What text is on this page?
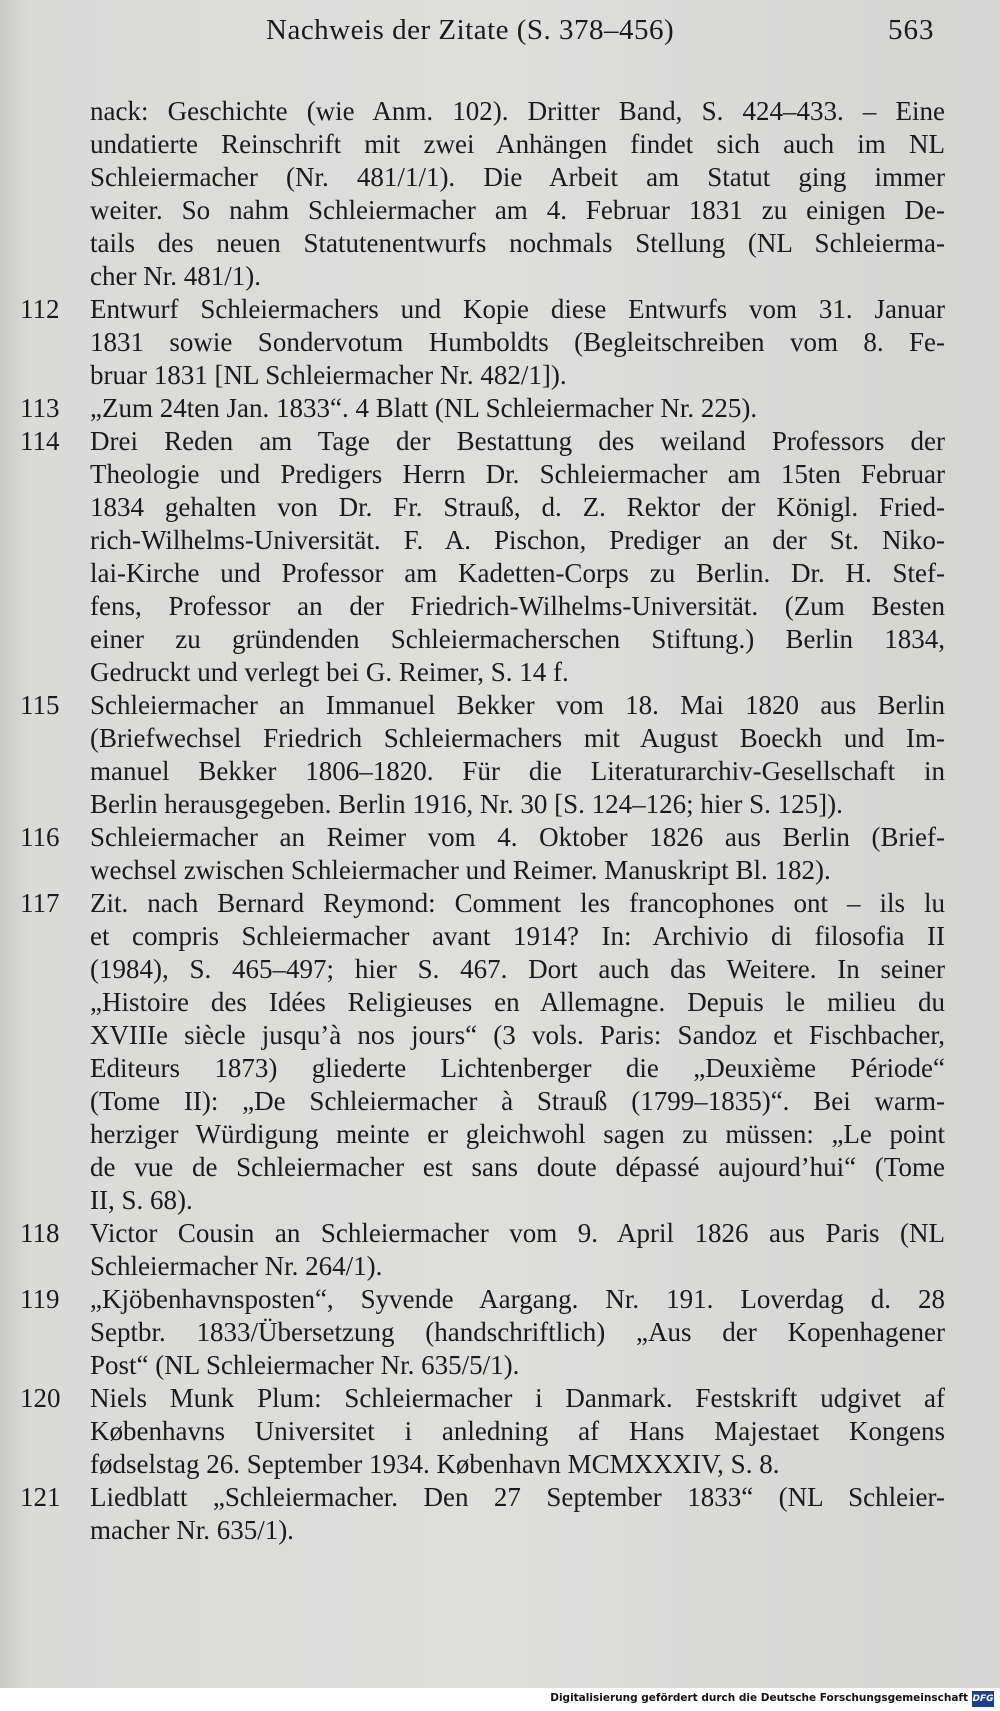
Nachweis der Zitate (S. 378–456)	563
nack: Geschichte (wie Anm. 102). Dritter Band, S. 424–433. – Eine
undatierte Reinschrift mit zwei Anhängen findet sich auch im NL
Schleiermacher (Nr. 481/1/1). Die Arbeit am Statut ging immer
weiter. So nahm Schleiermacher am 4. Februar 1831 zu einigen De-
tails des neuen Statutenentwurfs nochmals Stellung (NL Schleierma-
cher Nr. 481/1).
112	Entwurf Schleiermachers und Kopie diese Entwurfs vom 31. Januar
1831 sowie Sondervotum Humboldts (Begleitschreiben vom 8. Fe-
bruar 1831 [NL Schleiermacher Nr. 482/1]).
113	„Zum 24ten Jan. 1833“. 4 Blatt (NL Schleiermacher Nr. 225).
114	Drei Reden am Tage der Bestattung des weiland Professors der
Theologie und Predigers Herrn Dr. Schleiermacher am 15ten Februar
1834 gehalten von Dr. Fr. Strauß, d. Z. Rektor der Königl. Fried-
rich-Wilhelms-Universität. F. A. Pischon, Prediger an der St. Niko-
lai-Kirche und Professor am Kadetten-Corps zu Berlin. Dr. H. Stef-
fens, Professor an der Friedrich-Wilhelms-Universität. (Zum Besten
einer zu gründenden Schleiermacherschen Stiftung.) Berlin 1834,
Gedruckt und verlegt bei G. Reimer, S. 14 f.
115	Schleiermacher an Immanuel Bekker vom 18. Mai 1820 aus Berlin
(Briefwechsel Friedrich Schleiermachers mit August Boeckh und Im-
manuel Bekker 1806–1820. Für die Literaturarchiv-Gesellschaft in
Berlin herausgegeben. Berlin 1916, Nr. 30 [S. 124–126; hier S. 125]).
116	Schleiermacher an Reimer vom 4. Oktober 1826 aus Berlin (Brief-
wechsel zwischen Schleiermacher und Reimer. Manuskript Bl. 182).
117	Zit. nach Bernard Reymond: Comment les francophones ont – ils lu
et compris Schleiermacher avant 1914? In: Archivio di filosofia II
(1984), S. 465–497; hier S. 467. Dort auch das Weitere. In seiner
„Histoire des Idées Religieuses en Allemagne. Depuis le milieu du
XVIIIe siècle jusqu’à nos jours“ (3 vols. Paris: Sandoz et Fischbacher,
Editeurs 1873) gliederte Lichtenberger die „Deuxième Période“
(Tome II): „De Schleiermacher à Strauß (1799–1835)“. Bei warm-
herziger Würdigung meinte er gleichwohl sagen zu müssen: „Le point
de vue de Schleiermacher est sans doute dépassé aujourd’hui“ (Tome
II, S. 68).
118	Victor Cousin an Schleiermacher vom 9. April 1826 aus Paris (NL
Schleiermacher Nr. 264/1).
119	„Kjöbenhavnsposten“, Syvende Aargang. Nr. 191. Loverdag d. 28
Septbr. 1833/Übersetzung (handschriftlich) „Aus der Kopenhagener
Post“ (NL Schleiermacher Nr. 635/5/1).
120	Niels Munk Plum: Schleiermacher i Danmark. Festskrift udgivet af
Københavns Universitet i anledning af Hans Majestaet Kongens
fødselstag 26. September 1934. København MCMXXXIV, S. 8.
121	Liedblatt „Schleiermacher. Den 27 September 1833“ (NL Schleier-
macher Nr. 635/1).
Digitalisierung gefördert durch die Deutsche Forschungsgemeinschaft DFG
